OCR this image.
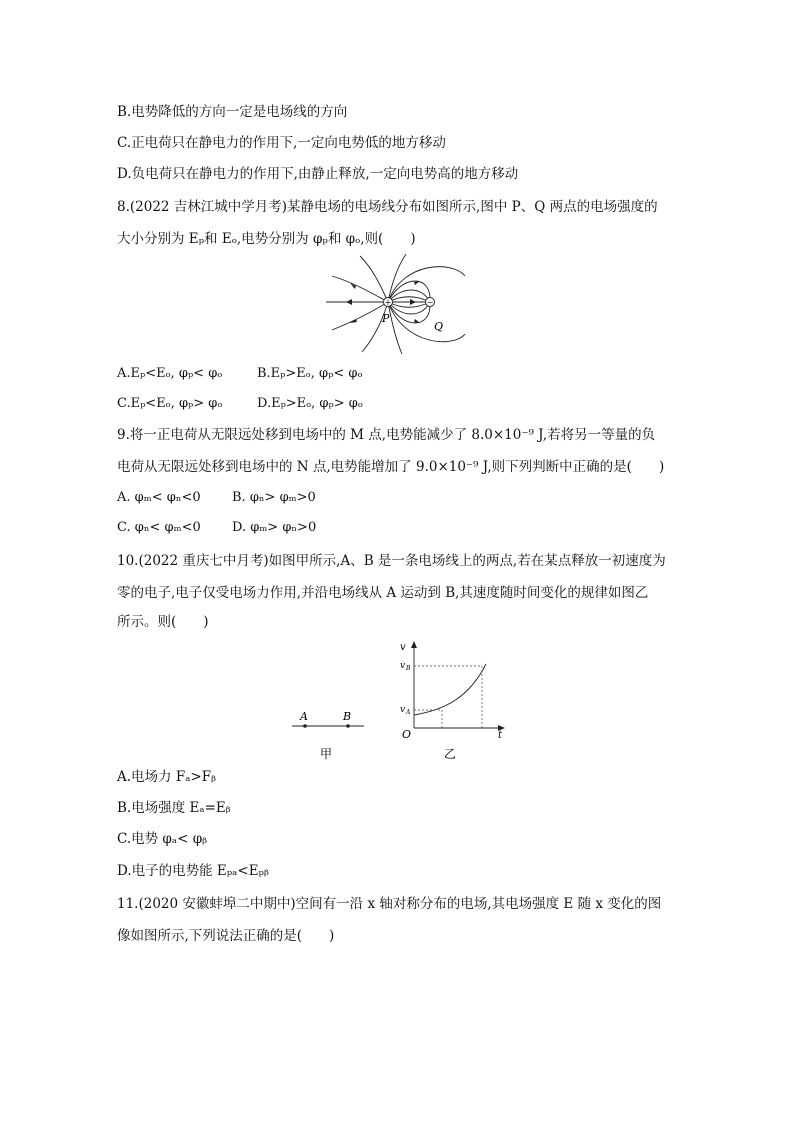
B.电势降低的方向一定是电场线的方向
C.正电荷只在静电力的作用下,一定向电势低的地方移动
D.负电荷只在静电力的作用下,由静止释放,一定向电势高的地方移动
8.(2022 吉林江城中学月考)某静电场的电场线分布如图所示,图中 P、Q 两点的电场强度的
大小分别为 Eₚ和 Eₒ,电势分别为 φₚ和 φₒ,则(　　)
+	−
P
Q
A.Eₚ<Eₒ, φₚ< φₒ	B.Eₚ>Eₒ, φₚ< φₒ
C.Eₚ<Eₒ, φₚ> φₒ	D.Eₚ>Eₒ, φₚ> φₒ
9.将一正电荷从无限远处移到电场中的 M 点,电势能减少了 8.0×10⁻⁹ J,若将另一等量的负
电荷从无限远处移到电场中的 N 点,电势能增加了 9.0×10⁻⁹ J,则下列判断中正确的是(　　)
A. φₘ< φₙ<0 B. φₙ> φₘ>0
C. φₙ< φₘ<0 D. φₘ> φₙ>0
10.(2022 重庆七中月考)如图甲所示,A、B 是一条电场线上的两点,若在某点释放一初速度为
零的电子,电子仅受电场力作用,并沿电场线从 A 运动到 B,其速度随时间变化的规律如图乙
所示。则(　　)
A	B
甲
v
t
O
v B
v A
乙
A.电场力 Fₐ>Fᵦ
B.电场强度 Eₐ=Eᵦ
C.电势 φₐ< φᵦ
D.电子的电势能 Eₚₐ<Eₚᵦ
11.(2020 安徽蚌埠二中期中)空间有一沿 x 轴对称分布的电场,其电场强度 E 随 x 变化的图
像如图所示,下列说法正确的是(　　)
